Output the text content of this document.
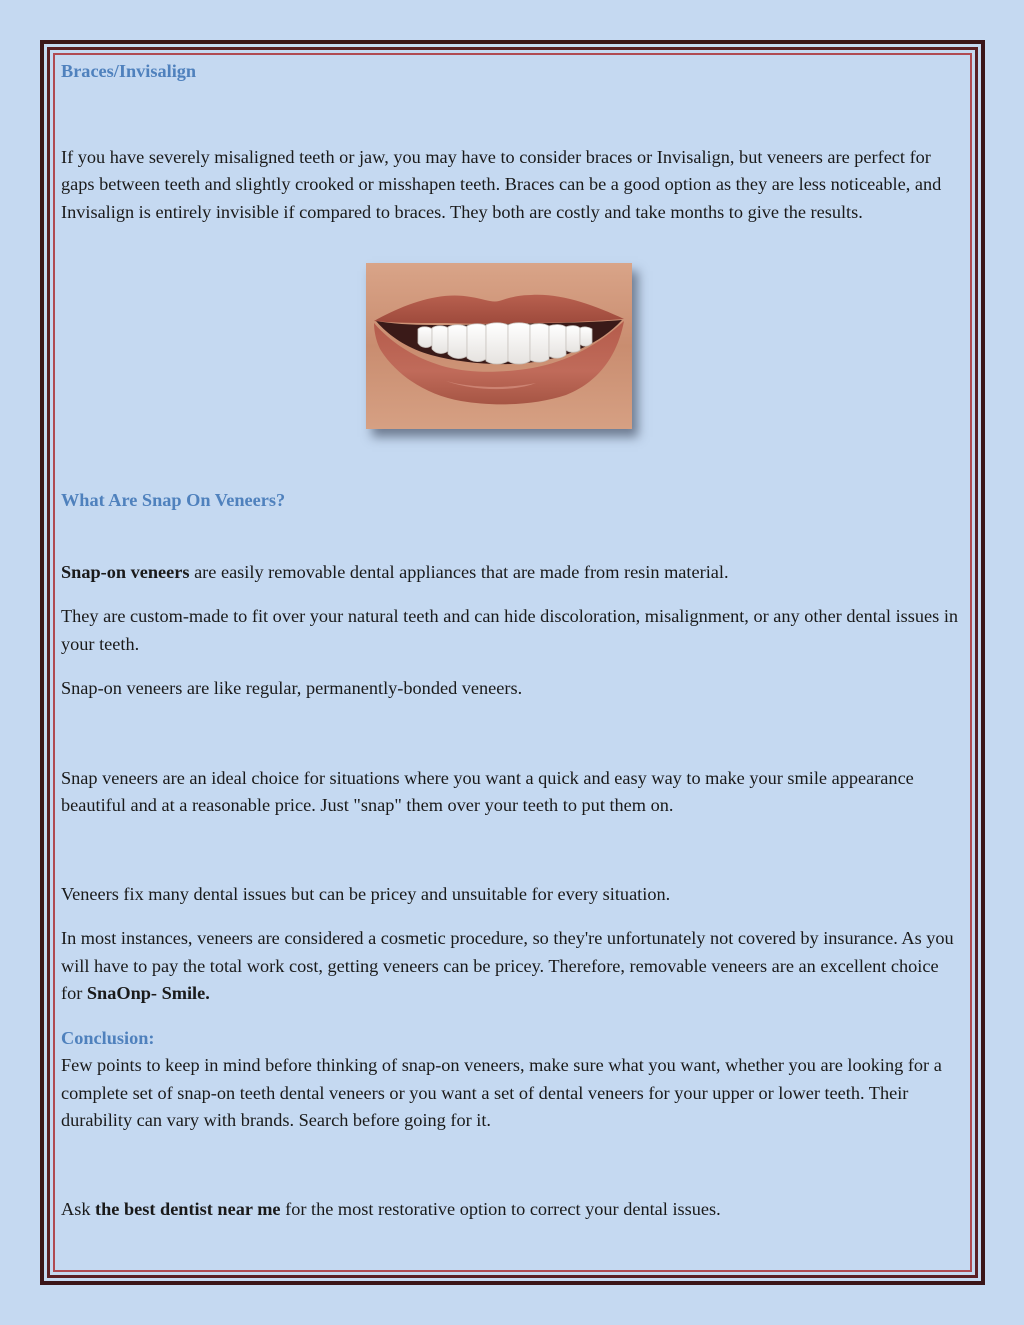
Braces/Invisalign

If you have severely misaligned teeth or jaw, you may have to consider braces or Invisalign, but veneers are perfect for gaps between teeth and slightly crooked or misshapen teeth. Braces can be a good option as they are less noticeable, and Invisalign is entirely invisible if compared to braces. They both are costly and take months to give the results.

What Are Snap On Veneers?

Snap-on veneers are easily removable dental appliances that are made from resin material.

They are custom-made to fit over your natural teeth and can hide discoloration, misalignment, or any other dental issues in your teeth.

Snap-on veneers are like regular, permanently-bonded veneers.

Snap veneers are an ideal choice for situations where you want a quick and easy way to make your smile appearance beautiful and at a reasonable price. Just "snap" them over your teeth to put them on.

Veneers fix many dental issues but can be pricey and unsuitable for every situation.

In most instances, veneers are considered a cosmetic procedure, so they're unfortunately not covered by insurance. As you will have to pay the total work cost, getting veneers can be pricey. Therefore, removable veneers are an excellent choice for SnaOnp- Smile.

Conclusion:

Few points to keep in mind before thinking of snap-on veneers, make sure what you want, whether you are looking for a complete set of snap-on teeth dental veneers or you want a set of dental veneers for your upper or lower teeth. Their durability can vary with brands. Search before going for it.

Ask the best dentist near me for the most restorative option to correct your dental issues.
